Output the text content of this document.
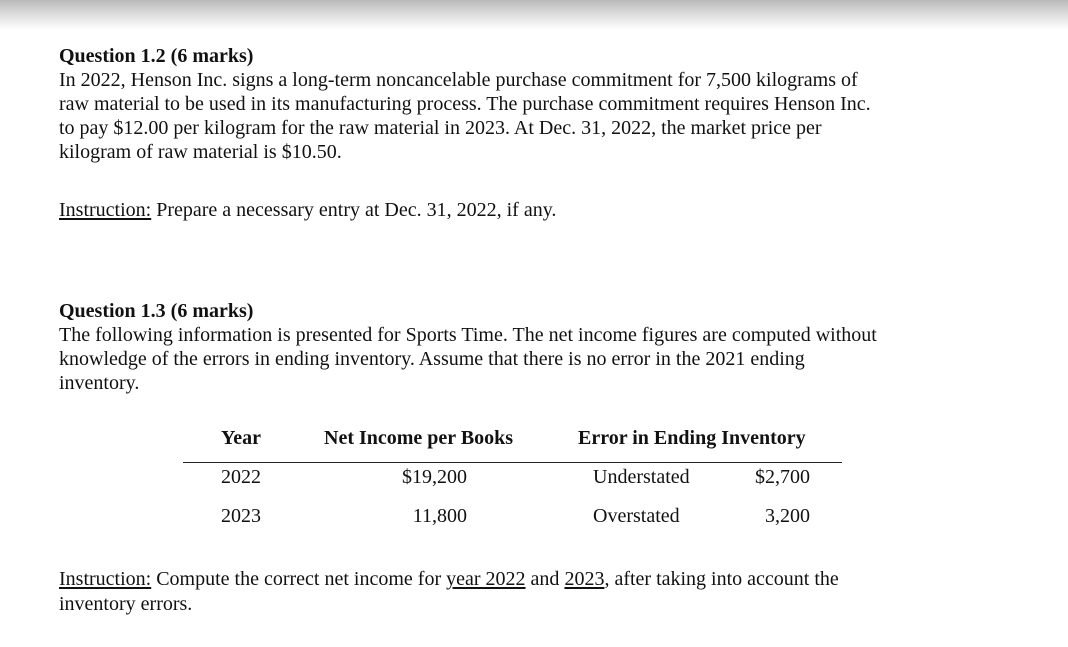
Question 1.2 (6 marks)
In 2022, Henson Inc. signs a long-term noncancelable purchase commitment for 7,500 kilograms of
raw material to be used in its manufacturing process. The purchase commitment requires Henson Inc.
to pay $12.00 per kilogram for the raw material in 2023. At Dec. 31, 2022, the market price per
kilogram of raw material is $10.50.
Instruction: Prepare a necessary entry at Dec. 31, 2022, if any.
Question 1.3 (6 marks)
The following information is presented for Sports Time. The net income figures are computed without
knowledge of the errors in ending inventory. Assume that there is no error in the 2021 ending
inventory.
Year	Net Income per Books	Error in Ending Inventory
2022	$19,200	Understated	$2,700
2023	11,800	Overstated	3,200
Instruction: Compute the correct net income for year 2022 and 2023, after taking into account the
inventory errors.
